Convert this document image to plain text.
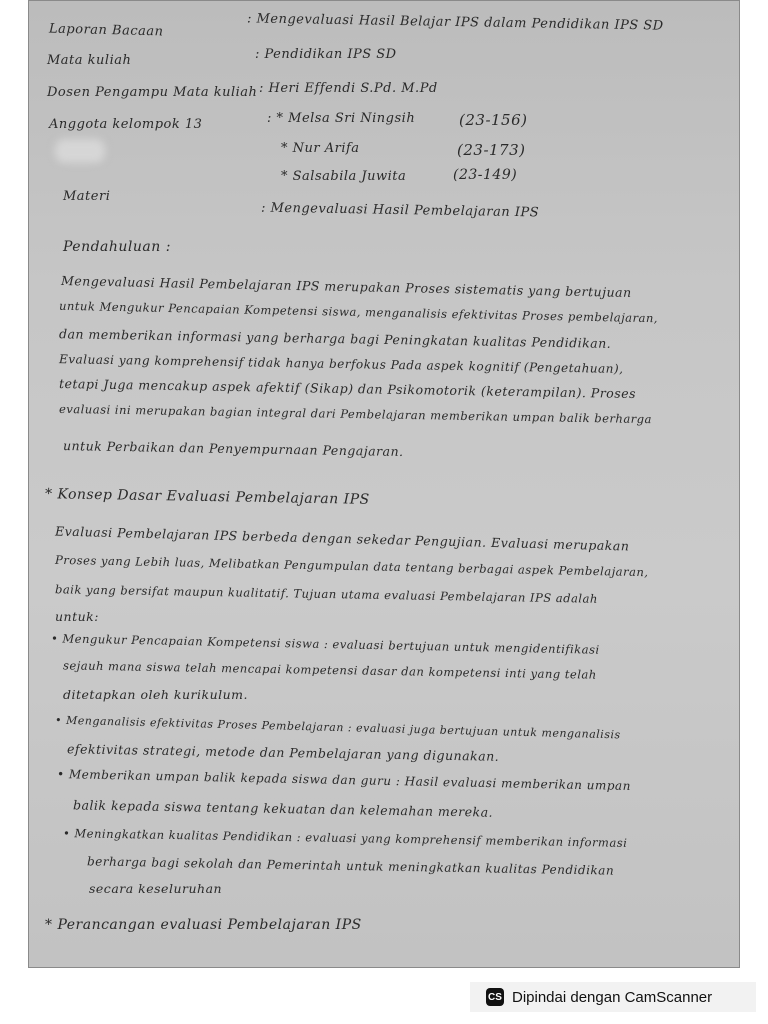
Laporan Bacaan	: Mengevaluasi Hasil Belajar IPS dalam Pendidikan IPS SD
Mata kuliah	: Pendidikan IPS SD
Dosen Pengampu Mata kuliah : Heri Effendi S.Pd. M.Pd
Anggota kelompok 13	: * Melsa Sri Ningsih	(23-156)
* Nur Arifa	(23-173)
* Salsabila Juwita	(23-149)
Materi
: Mengevaluasi Hasil Pembelajaran IPS
Pendahuluan :
Mengevaluasi Hasil Pembelajaran IPS merupakan Proses sistematis yang bertujuan
untuk Mengukur Pencapaian Kompetensi siswa, menganalisis efektivitas Proses pembelajaran,
dan memberikan informasi yang berharga bagi Peningkatan kualitas Pendidikan.
Evaluasi yang komprehensif tidak hanya berfokus Pada aspek kognitif (Pengetahuan),
tetapi Juga mencakup aspek afektif (Sikap) dan Psikomotorik (keterampilan). Proses
evaluasi ini merupakan bagian integral dari Pembelajaran memberikan umpan balik berharga
untuk Perbaikan dan Penyempurnaan Pengajaran.
* Konsep Dasar Evaluasi Pembelajaran IPS
Evaluasi Pembelajaran IPS berbeda dengan sekedar Pengujian. Evaluasi merupakan
Proses yang Lebih luas, Melibatkan Pengumpulan data tentang berbagai aspek Pembelajaran,
baik yang bersifat maupun kualitatif. Tujuan utama evaluasi Pembelajaran IPS adalah
untuk:
• Mengukur Pencapaian Kompetensi siswa : evaluasi bertujuan untuk mengidentifikasi
sejauh mana siswa telah mencapai kompetensi dasar dan kompetensi inti yang telah
ditetapkan oleh kurikulum.
• Menganalisis efektivitas Proses Pembelajaran : evaluasi juga bertujuan untuk menganalisis
efektivitas strategi, metode dan Pembelajaran yang digunakan.
• Memberikan umpan balik kepada siswa dan guru : Hasil evaluasi memberikan umpan
balik kepada siswa tentang kekuatan dan kelemahan mereka.
• Meningkatkan kualitas Pendidikan : evaluasi yang komprehensif memberikan informasi
berharga bagi sekolah dan Pemerintah untuk meningkatkan kualitas Pendidikan
secara keseluruhan
* Perancangan evaluasi Pembelajaran IPS
CS Dipindai dengan CamScanner
